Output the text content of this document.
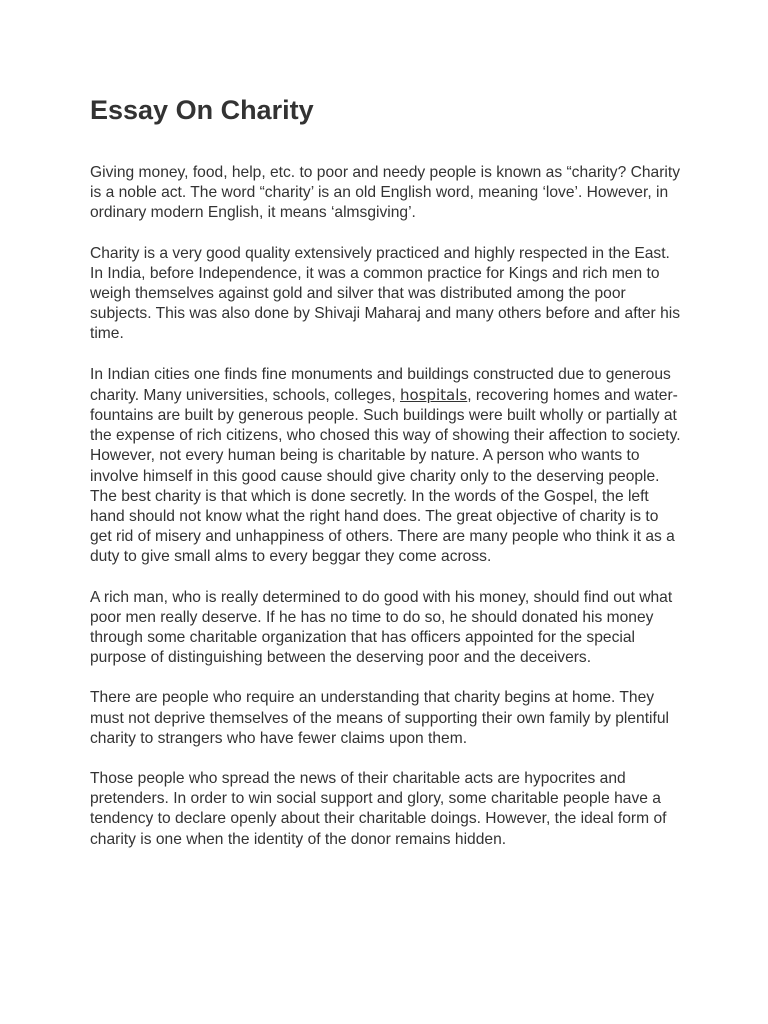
Essay On Charity

Giving money, food, help, etc. to poor and needy people is known as “charity? Charity is a noble act. The word “charity’ is an old English word, meaning ‘love’. However, in ordinary modern English, it means ‘almsgiving’.

Charity is a very good quality extensively practiced and highly respected in the East. In India, before Independence, it was a common practice for Kings and rich men to weigh themselves against gold and silver that was distributed among the poor subjects. This was also done by Shivaji Maharaj and many others before and after his time.

In Indian cities one finds fine monuments and buildings constructed due to generous charity. Many universities, schools, colleges, hospitals, recovering homes and water-fountains are built by generous people. Such buildings were built wholly or partially at the expense of rich citizens, who chosed this way of showing their affection to society.

However, not every human being is charitable by nature. A person who wants to involve himself in this good cause should give charity only to the deserving people. The best charity is that which is done secretly. In the words of the Gospel, the left hand should not know what the right hand does. The great objective of charity is to get rid of misery and unhappiness of others. There are many people who think it as a duty to give small alms to every beggar they come across.

A rich man, who is really determined to do good with his money, should find out what poor men really deserve. If he has no time to do so, he should donated his money through some charitable organization that has officers appointed for the special purpose of distinguishing between the deserving poor and the deceivers.

There are people who require an understanding that charity begins at home. They must not deprive themselves of the means of supporting their own family by plentiful charity to strangers who have fewer claims upon them.

Those people who spread the news of their charitable acts are hypocrites and pretenders. In order to win social support and glory, some charitable people have a tendency to declare openly about their charitable doings. However, the ideal form of charity is one when the identity of the donor remains hidden.
